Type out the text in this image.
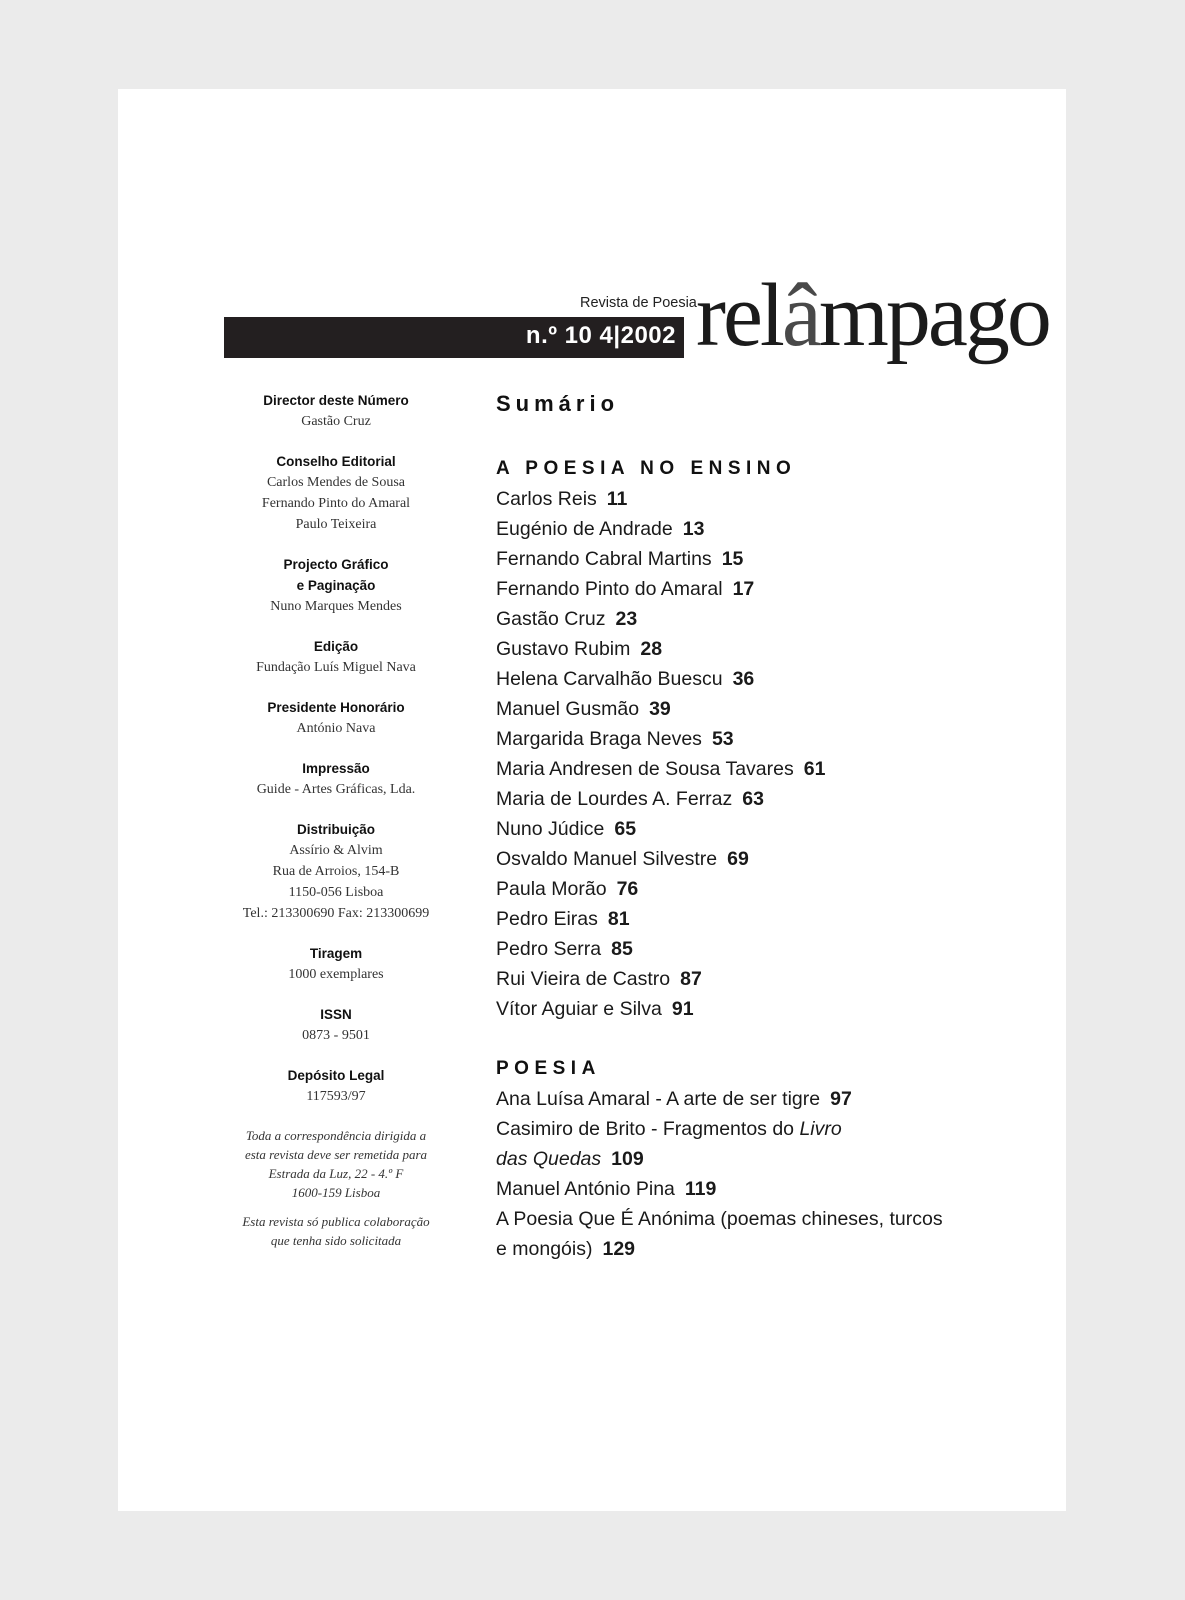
relâmpago
Revista de Poesia
n.º 10 4|2002
Director deste Número
Gastão Cruz
Conselho Editorial
Carlos Mendes de Sousa
Fernando Pinto do Amaral
Paulo Teixeira
Projecto Gráfico
e Paginação
Nuno Marques Mendes
Edição
Fundação Luís Miguel Nava
Presidente Honorário
António Nava
Impressão
Guide - Artes Gráficas, Lda.
Distribuição
Assírio & Alvim
Rua de Arroios, 154-B
1150-056 Lisboa
Tel.: 213300690 Fax: 213300699
Tiragem
1000 exemplares
ISSN
0873 - 9501
Depósito Legal
117593/97
Toda a correspondência dirigida a
esta revista deve ser remetida para
Estrada da Luz, 22 - 4.º F
1600-159 Lisboa
Esta revista só publica colaboração
que tenha sido solicitada
Sumário
A POESIA NO ENSINO
Carlos Reis 11
Eugénio de Andrade 13
Fernando Cabral Martins 15
Fernando Pinto do Amaral 17
Gastão Cruz 23
Gustavo Rubim 28
Helena Carvalhão Buescu 36
Manuel Gusmão 39
Margarida Braga Neves 53
Maria Andresen de Sousa Tavares 61
Maria de Lourdes A. Ferraz 63
Nuno Júdice 65
Osvaldo Manuel Silvestre 69
Paula Morão 76
Pedro Eiras 81
Pedro Serra 85
Rui Vieira de Castro 87
Vítor Aguiar e Silva 91
POESIA
Ana Luísa Amaral - A arte de ser tigre 97
Casimiro de Brito - Fragmentos do Livro
das Quedas 109
Manuel António Pina 119
A Poesia Que É Anónima (poemas chineses, turcos
e mongóis) 129
